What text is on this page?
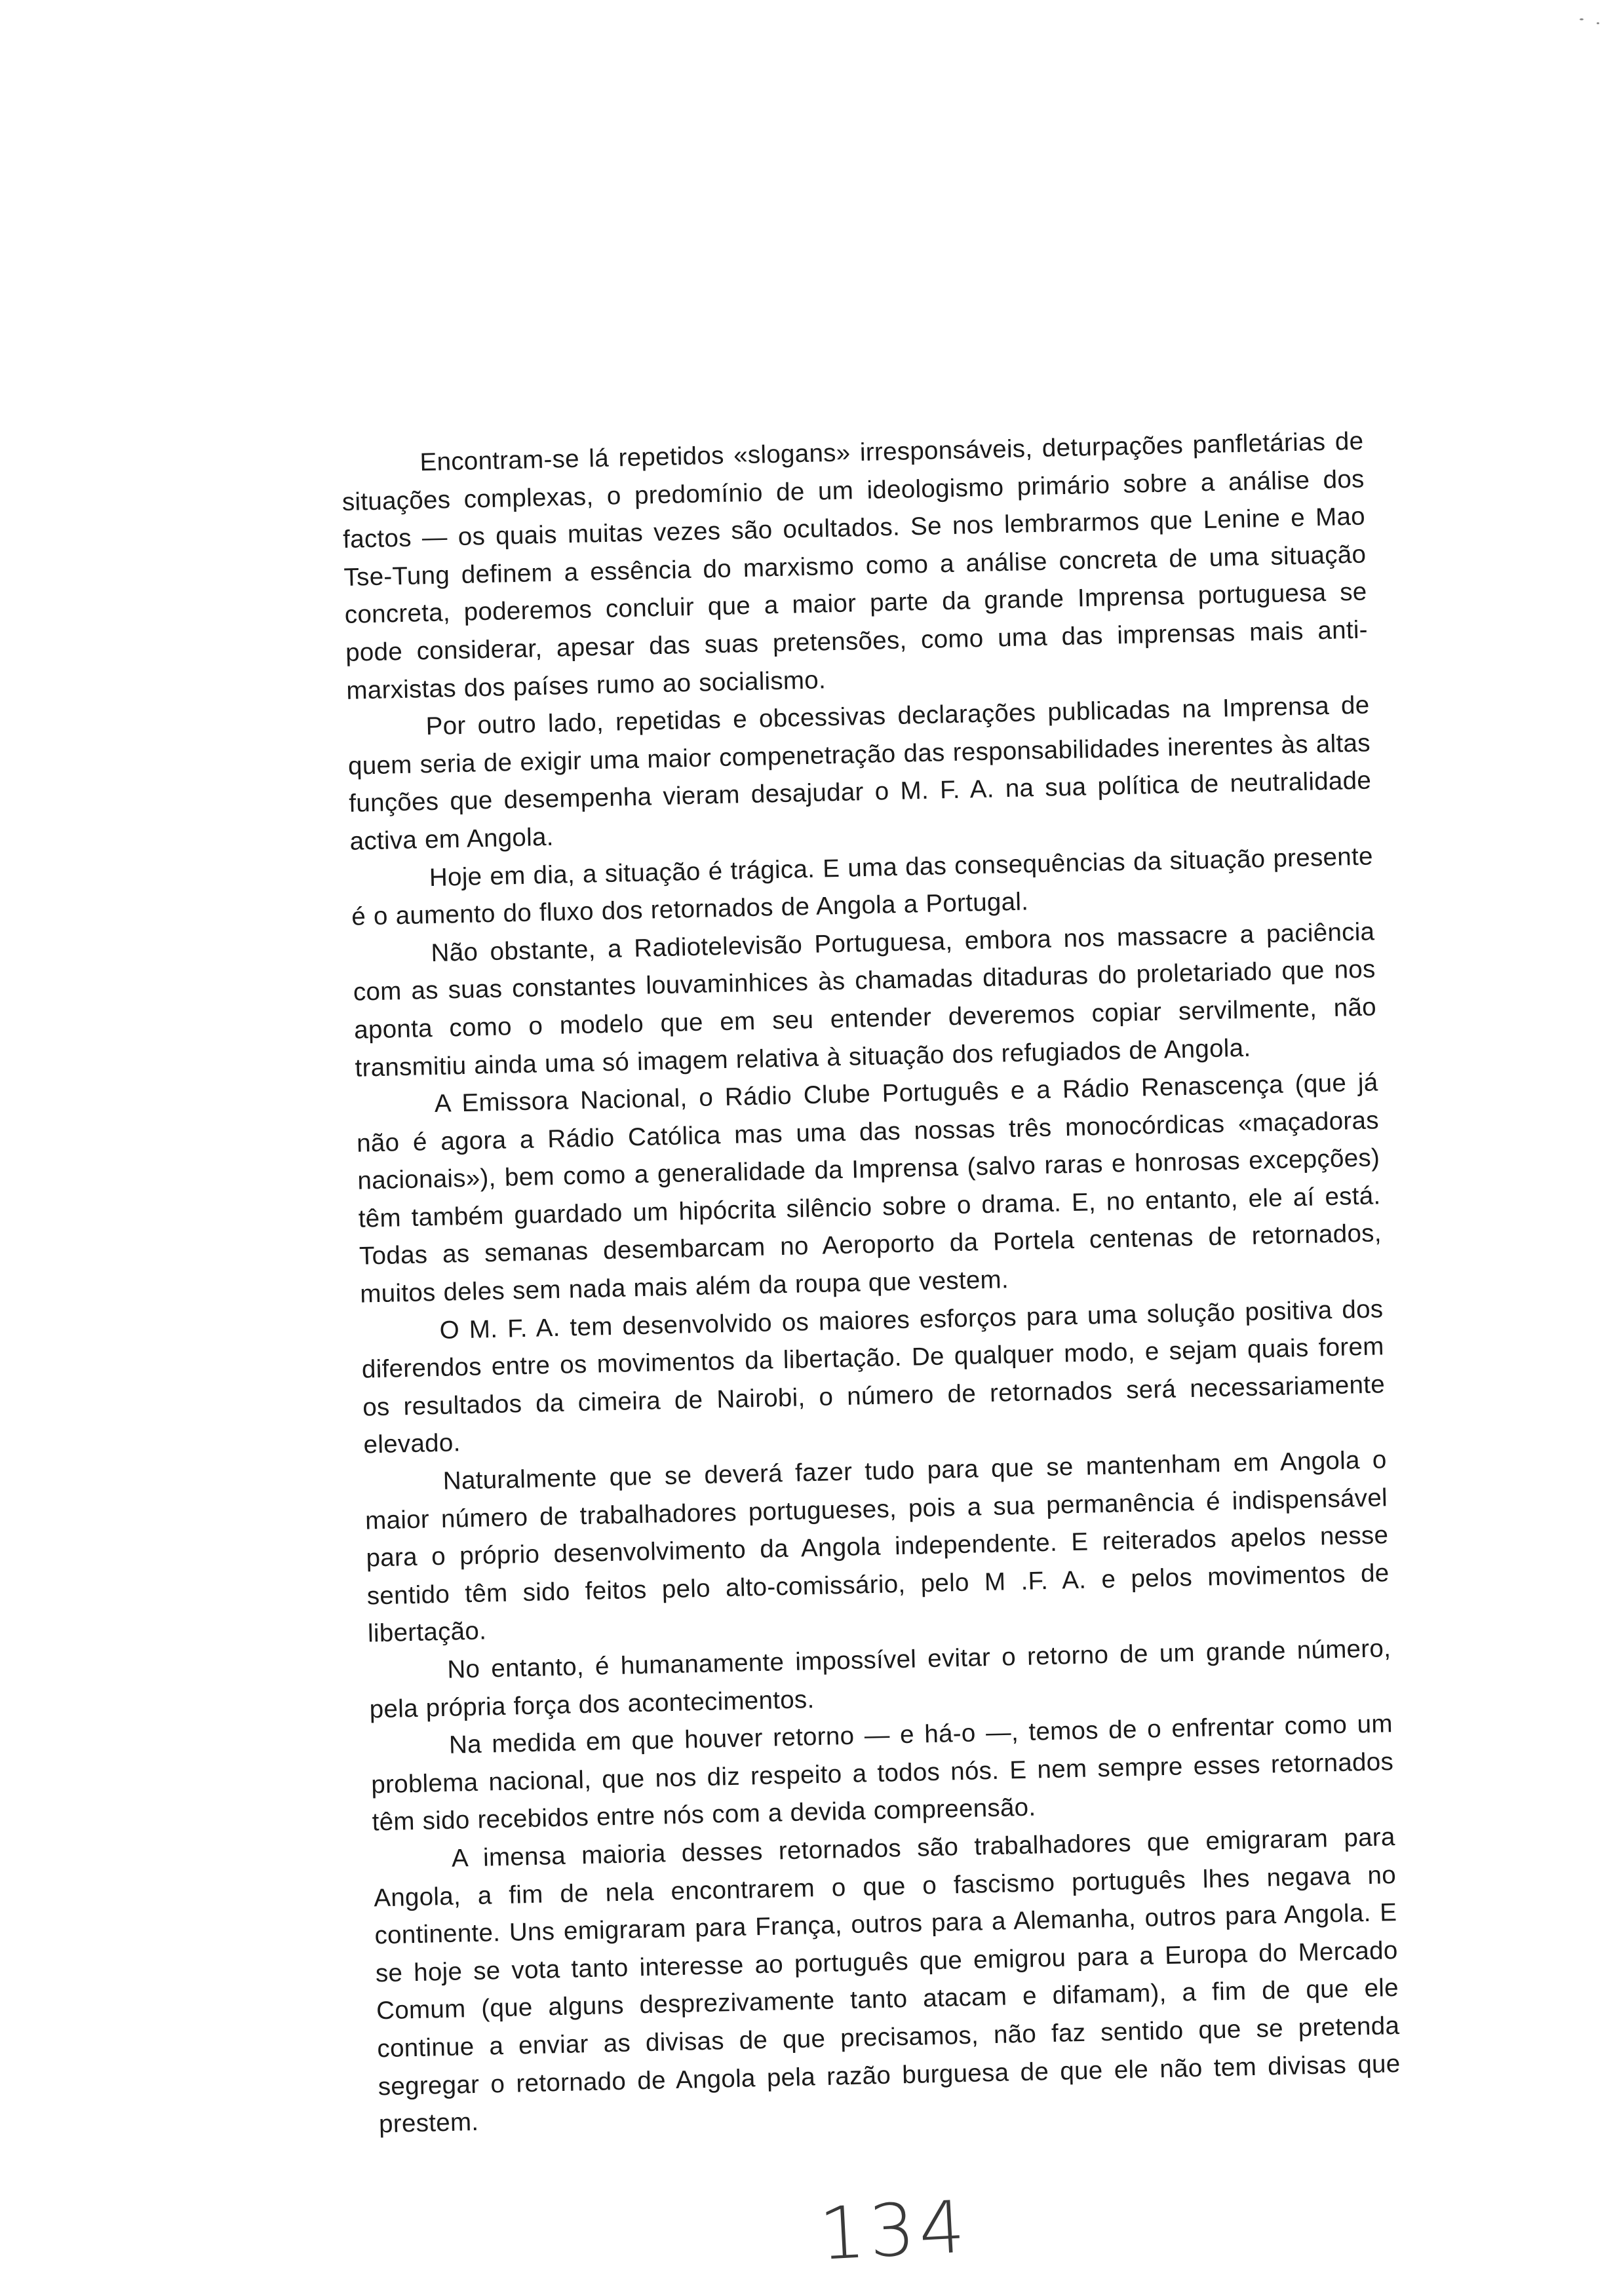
Encontram-se lá repetidos «slogans» irresponsáveis, deturpações panfletárias de situações complexas, o predomínio de um ideologismo primário sobre a análise dos factos — os quais muitas vezes são ocultados. Se nos lembrarmos que Lenine e Mao Tse-Tung definem a essência do marxismo como a análise concreta de uma situação concreta, poderemos concluir que a maior parte da grande Imprensa portuguesa se pode considerar, apesar das suas pretensões, como uma das imprensas mais anti-marxistas dos países rumo ao socialismo.

Por outro lado, repetidas e obcessivas declarações publicadas na Imprensa de quem seria de exigir uma maior compenetração das responsabilidades inerentes às altas funções que desempenha vieram desajudar o M. F. A. na sua política de neutralidade activa em Angola.

Hoje em dia, a situação é trágica. E uma das consequências da situação presente é o aumento do fluxo dos retornados de Angola a Portugal.

Não obstante, a Radiotelevisão Portuguesa, embora nos massacre a paciência com as suas constantes louvaminhices às chamadas ditaduras do proletariado que nos aponta como o modelo que em seu entender deveremos copiar servilmente, não transmitiu ainda uma só imagem relativa à situação dos refugiados de Angola.

A Emissora Nacional, o Rádio Clube Português e a Rádio Renascença (que já não é agora a Rádio Católica mas uma das nossas três monocórdicas «maçadoras nacionais»), bem como a generalidade da Imprensa (salvo raras e honrosas excepções) têm também guardado um hipócrita silêncio sobre o drama. E, no entanto, ele aí está. Todas as semanas desembarcam no Aeroporto da Portela centenas de retornados, muitos deles sem nada mais além da roupa que vestem.

O M. F. A. tem desenvolvido os maiores esforços para uma solução positiva dos diferendos entre os movimentos da libertação. De qualquer modo, e sejam quais forem os resultados da cimeira de Nairobi, o número de retornados será necessariamente elevado.

Naturalmente que se deverá fazer tudo para que se mantenham em Angola o maior número de trabalhadores portugueses, pois a sua permanência é indispensável para o próprio desenvolvimento da Angola independente. E reiterados apelos nesse sentido têm sido feitos pelo alto-comissário, pelo M .F. A. e pelos movimentos de libertação.

No entanto, é humanamente impossível evitar o retorno de um grande número, pela própria força dos acontecimentos.

Na medida em que houver retorno — e há-o —, temos de o enfrentar como um problema nacional, que nos diz respeito a todos nós. E nem sempre esses retornados têm sido recebidos entre nós com a devida compreensão.

A imensa maioria desses retornados são trabalhadores que emigraram para Angola, a fim de nela encontrarem o que o fascismo português lhes negava no continente. Uns emigraram para França, outros para a Alemanha, outros para Angola. E se hoje se vota tanto interesse ao português que emigrou para a Europa do Mercado Comum (que alguns desprezivamente tanto atacam e difamam), a fim de que ele continue a enviar as divisas de que precisamos, não faz sentido que se pretenda segregar o retornado de Angola pela razão burguesa de que ele não tem divisas que prestem.

134
